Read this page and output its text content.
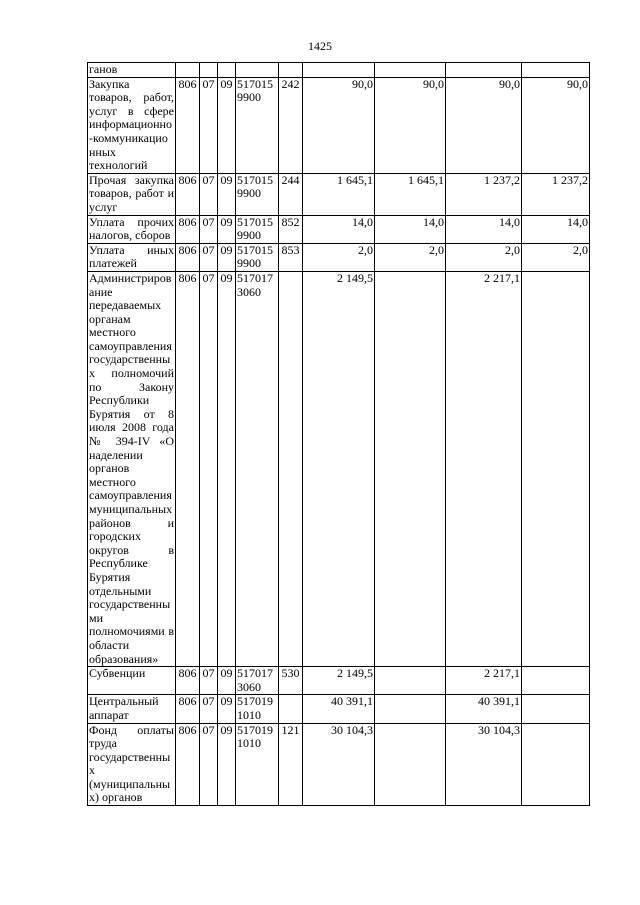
1425
ганов									
Закупка товаров, работ, услуг в сфере информационно-коммуникационных технологий	806	07	09	517015 9900	242	90,0	90,0	90,0	90,0
Прочая закупка товаров, работ и услуг	806	07	09	517015 9900	244	1 645,1	1 645,1	1 237,2	1 237,2
Уплата прочих налогов, сборов	806	07	09	517015 9900	852	14,0	14,0	14,0	14,0
Уплата иных платежей	806	07	09	517015 9900	853	2,0	2,0	2,0	2,0
Администрирование передаваемых органам местного самоуправления государственных полномочий по Закону Республики Бурятия от 8 июля 2008 года № 394-IV «О наделении органов местного самоуправления муниципальных районов и городских округов в Республике Бурятия отдельными государственными полномочиями в области образования»	806	07	09	517017 3060		2 149,5		2 217,1	
Субвенции	806	07	09	517017 3060	530	2 149,5		2 217,1	
Центральный аппарат	806	07	09	517019 1010		40 391,1		40 391,1	
Фонд оплаты труда государственных (муниципальных) органов	806	07	09	517019 1010	121	30 104,3		30 104,3	
